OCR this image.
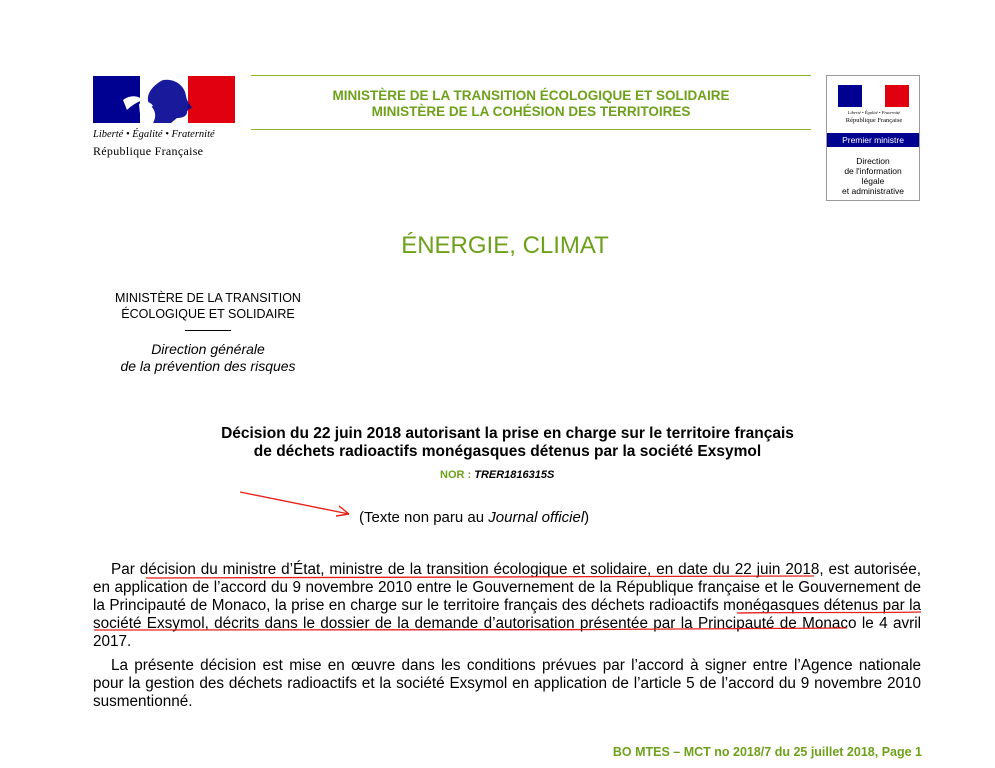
Liberté • Égalité • Fraternité
République Française
MINISTÈRE DE LA TRANSITION ÉCOLOGIQUE ET SOLIDAIRE
MINISTÈRE DE LA COHÉSION DES TERRITOIRES	Liberté • Égalité • Fraternité
République Française
Premier ministre
Direction
de l'information
légale
et administrative
ÉNERGIE, CLIMAT
MINISTÈRE DE LA TRANSITION
ÉCOLOGIQUE ET SOLIDAIRE
Direction générale
de la prévention des risques
Décision du 22 juin 2018 autorisant la prise en charge sur le territoire français
de déchets radioactifs monégasques détenus par la société Exsymol
NOR : TRER1816315S
(Texte non paru au Journal officiel)
Par décision du ministre d’État, ministre de la transition écologique et solidaire, en date du 22 juin 2018, est autorisée, en application de l’accord du 9 novembre 2010 entre le Gouvernement de la République française et le Gouvernement de la Principauté de Monaco, la prise en charge sur le territoire français des déchets radioactifs monégasques détenus par la société Exsymol, décrits dans le dossier de la demande d’autorisation présentée par la Principauté de Monaco le 4 avril 2017.
La présente décision est mise en œuvre dans les conditions prévues par l’accord à signer entre l’Agence nationale pour la gestion des déchets radioactifs et la société Exsymol en application de l’article 5 de l’accord du 9 novembre 2010 susmentionné.
BO MTES – MCT no 2018/7 du 25 juillet 2018, Page 1
